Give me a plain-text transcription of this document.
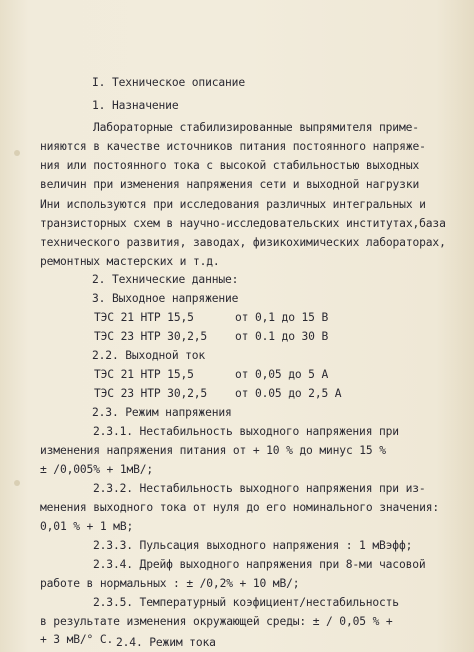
I. Техническое описание
1. Назначение
Лабораторные стабилизированные выпрямителя приме-
нияются в качестве источников питания постоянного напряже-
ния или постоянного тока с высокой стабильностью выходных
величин при изменения напряжения сети и выходной нагрузки
Ини используются при исследования различных интегральных и
транзисторных схем в научно-исследовательских институтах,база
технического развития, заводах, физикохимических лабораторах,
ремонтных мастерских и т.д.
2. Технические данные:
3. Выходное напряжение
ТЭС 21 НТР 15,5	от 0,1 до 15 В
ТЭС 23 НТР 30,2,5 от 0.1 до 30 В
2.2. Выходной ток
ТЭС 21 НТР 15,5	от 0,05 до 5 А
ТЭС 23 НТР 30,2,5 от 0.05 до 2,5 А
2.3. Режим напряжения
2.3.1. Нестабильность выходного напряжения при
изменения напряжения питания от + 10 % до минус 15 %
± /0,005% + 1мВ/;
2.3.2. Нестабильность выходного напряжения при из-
менения выходного тока от нуля до его номинального значения:
0,01 % + 1 мВ;
2.3.3. Пульсация выходного напряжения : 1 мВэфф;
2.3.4. Дрейф выходного напряжения при 8-ми часовой
работе в нормальных : ± /0,2% + 10 мВ/;
2.3.5. Температурный коэфициент/нестабильность
в результате изменения окружающей среды: ± / 0,05 % +
+ 3 мВ/° С. 2.4. Режим тока
